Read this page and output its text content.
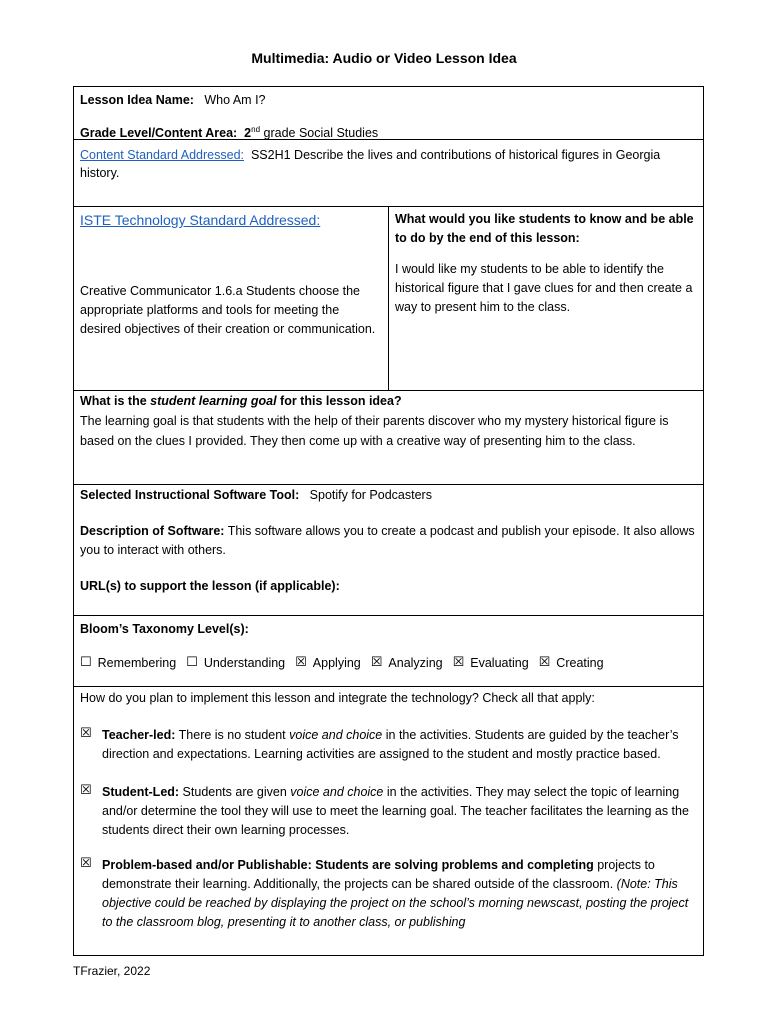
Multimedia: Audio or Video Lesson Idea
Lesson Idea Name: Who Am I?
Grade Level/Content Area: 2nd grade Social Studies
Content Standard Addressed: SS2H1 Describe the lives and contributions of historical figures in Georgia history.
ISTE Technology Standard Addressed:
Creative Communicator 1.6.a Students choose the appropriate platforms and tools for meeting the desired objectives of their creation or communication.
What would you like students to know and be able to do by the end of this lesson:
I would like my students to be able to identify the historical figure that I gave clues for and then create a way to present him to the class.
What is the student learning goal for this lesson idea?
The learning goal is that students with the help of their parents discover who my mystery historical figure is based on the clues I provided. They then come up with a creative way of presenting him to the class.
Selected Instructional Software Tool: Spotify for Podcasters
Description of Software: This software allows you to create a podcast and publish your episode. It also allows you to interact with others.
URL(s) to support the lesson (if applicable):
Bloom’s Taxonomy Level(s):
☐ Remembering ☐ Understanding ☒ Applying ☒ Analyzing ☒ Evaluating ☒ Creating
How do you plan to implement this lesson and integrate the technology? Check all that apply:
☒ Teacher-led: There is no student voice and choice in the activities. Students are guided by the teacher’s direction and expectations. Learning activities are assigned to the student and mostly practice based.
☒ Student-Led: Students are given voice and choice in the activities. They may select the topic of learning and/or determine the tool they will use to meet the learning goal. The teacher facilitates the learning as the students direct their own learning processes.
☒ Problem-based and/or Publishable: Students are solving problems and completing projects to demonstrate their learning. Additionally, the projects can be shared outside of the classroom. (Note: This objective could be reached by displaying the project on the school’s morning newscast, posting the project to the classroom blog, presenting it to another class, or publishing
TFrazier, 2022
